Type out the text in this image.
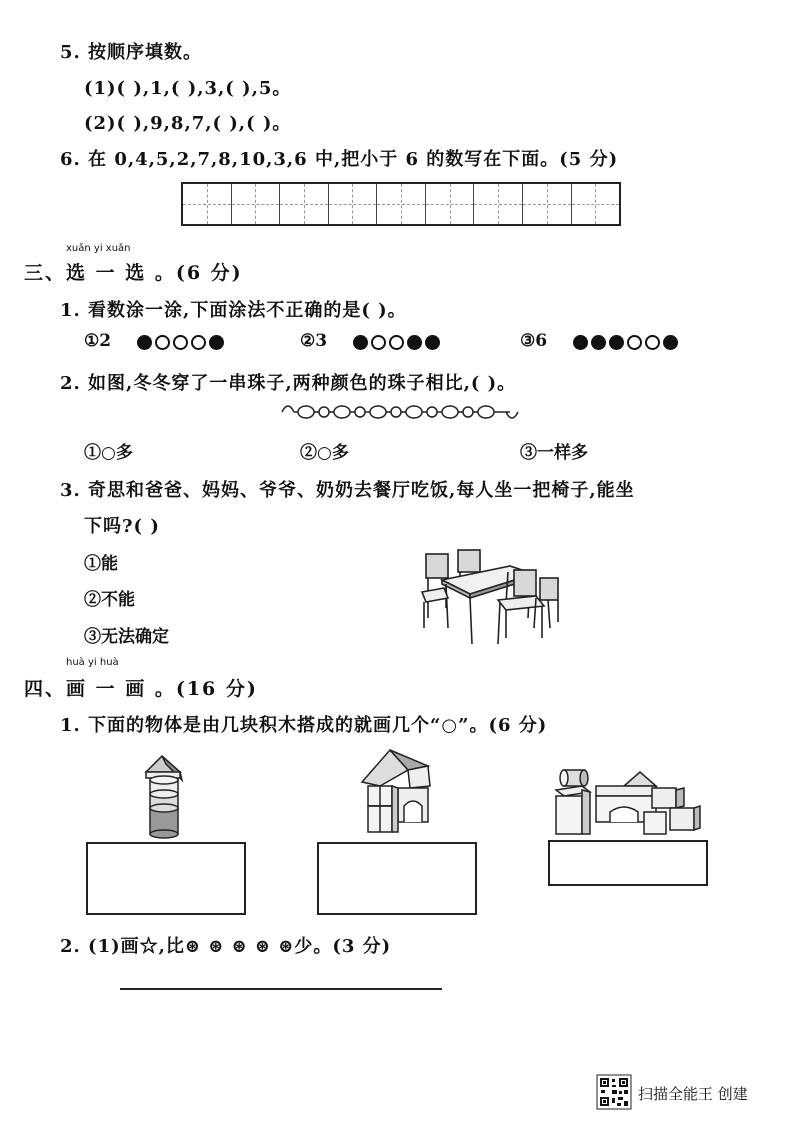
5. 按顺序填数。
(1)( ),1,( ),3,( ),5。
(2)( ),9,8,7,( ),( )。
6. 在 0,4,5,2,7,8,10,3,6 中,把小于 6 的数写在下面。(5 分)
xuǎn yi xuǎn
三、选 一 选 。(6 分)
1. 看数涂一涂,下面涂法不正确的是( )。
①2	②3	③6
2. 如图,冬冬穿了一串珠子,两种颜色的珠子相比,( )。
①○多	②○多	③一样多
3. 奇思和爸爸、妈妈、爷爷、奶奶去餐厅吃饭,每人坐一把椅子,能坐
下吗?( )
①能
②不能
③无法确定
huà yi huà
四、画 一 画 。(16 分)
1. 下面的物体是由几块积木搭成的就画几个“○”。(6 分)
2. (1)画☆,比⊛ ⊛ ⊛ ⊛ ⊛少。(3 分)
扫描全能王 创建
